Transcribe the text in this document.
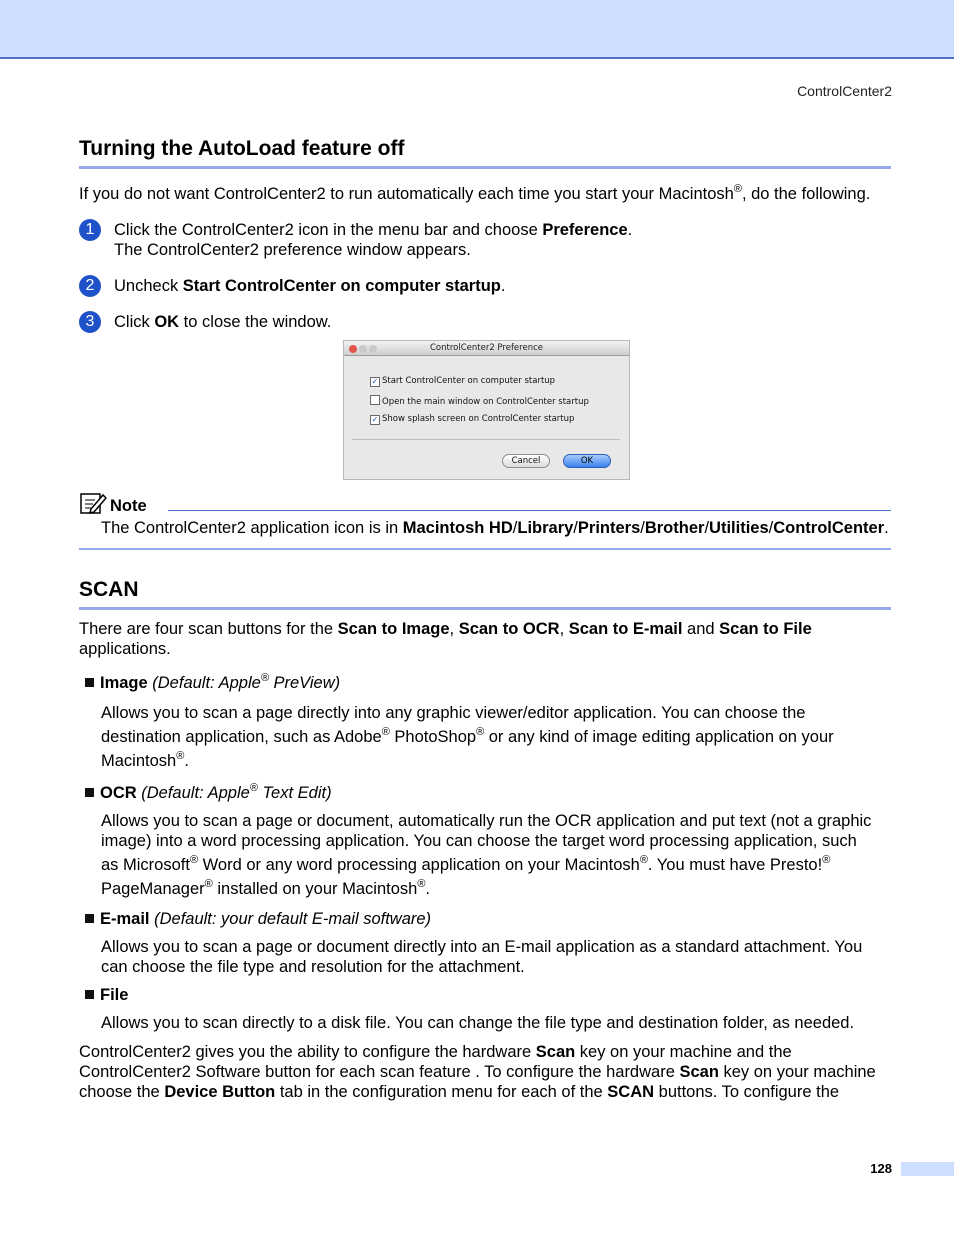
ControlCenter2
Turning the AutoLoad feature off
If you do not want ControlCenter2 to run automatically each time you start your Macintosh®, do the following.
1	Click the ControlCenter2 icon in the menu bar and choose Preference.
The ControlCenter2 preference window appears.
2	Uncheck Start ControlCenter on computer startup.
3	Click OK to close the window.
ControlCenter2 Preference
✓ Start ControlCenter on computer startup
Open the main window on ControlCenter startup
✓ Show splash screen on ControlCenter startup
Cancel	OK
Note
The ControlCenter2 application icon is in Macintosh HD/Library/Printers/Brother/Utilities/ControlCenter.
SCAN
There are four scan buttons for the Scan to Image, Scan to OCR, Scan to E-mail and Scan to File
applications.
Image (Default: Apple® PreView)
Allows you to scan a page directly into any graphic viewer/editor application. You can choose the
destination application, such as Adobe® PhotoShop® or any kind of image editing application on your
Macintosh®.
OCR (Default: Apple® Text Edit)
Allows you to scan a page or document, automatically run the OCR application and put text (not a graphic
image) into a word processing application. You can choose the target word processing application, such
as Microsoft® Word or any word processing application on your Macintosh®. You must have Presto!®
PageManager® installed on your Macintosh®.
E-mail (Default: your default E-mail software)
Allows you to scan a page or document directly into an E-mail application as a standard attachment. You
can choose the file type and resolution for the attachment.
File
Allows you to scan directly to a disk file. You can change the file type and destination folder, as needed.
ControlCenter2 gives you the ability to configure the hardware Scan key on your machine and the
ControlCenter2 Software button for each scan feature . To configure the hardware Scan key on your machine
choose the Device Button tab in the configuration menu for each of the SCAN buttons. To configure the
128
